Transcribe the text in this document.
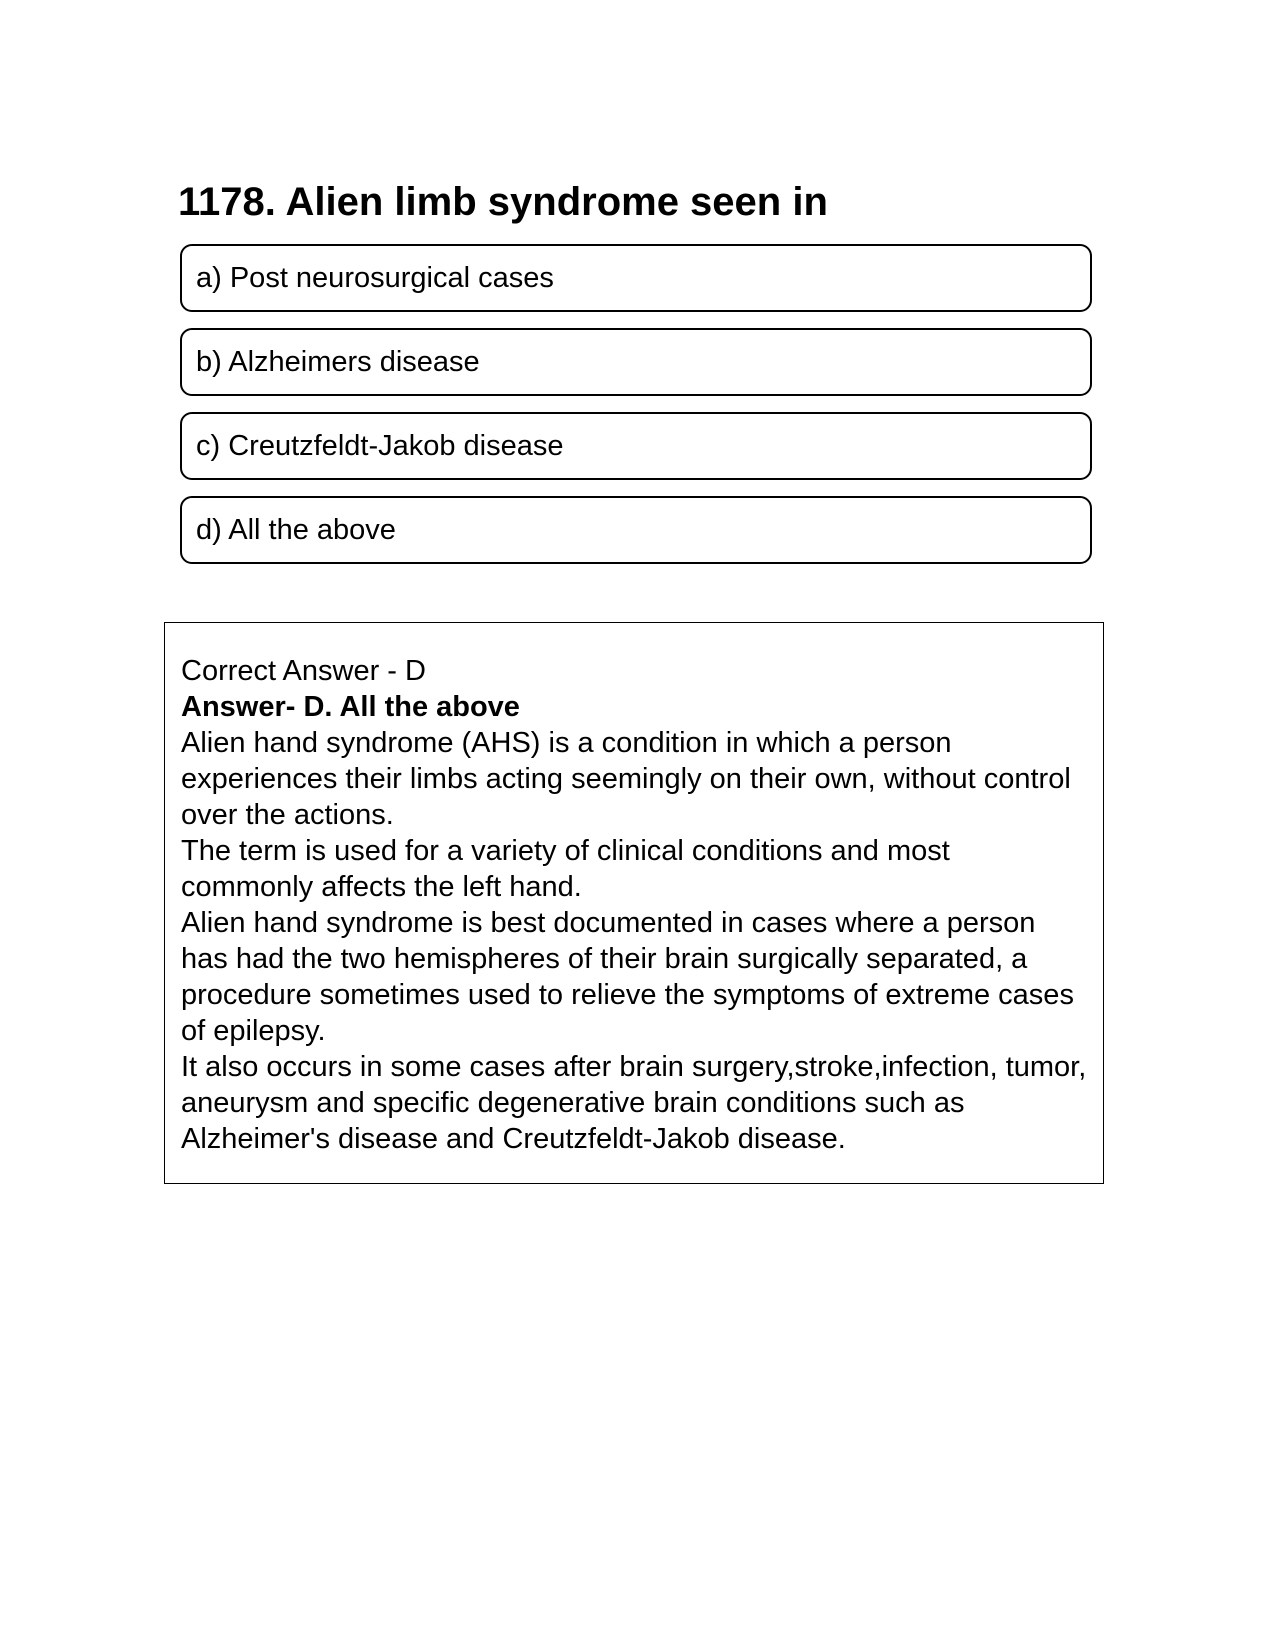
1178. Alien limb syndrome seen in
a) Post neurosurgical cases
b) Alzheimers disease
c) Creutzfeldt-Jakob disease
d) All the above

Correct Answer - D

Answer- D. All the above

Alien hand syndrome (AHS) is a condition in which a person experiences their limbs acting seemingly on their own, without control over the actions.

The term is used for a variety of clinical conditions and most commonly affects the left hand.

Alien hand syndrome is best documented in cases where a person has had the two hemispheres of their brain surgically separated, a procedure sometimes used to relieve the symptoms of extreme cases of epilepsy.

It also occurs in some cases after brain surgery,stroke,infection, tumor, aneurysm and specific degenerative brain conditions such as Alzheimer's disease and Creutzfeldt-Jakob disease.
